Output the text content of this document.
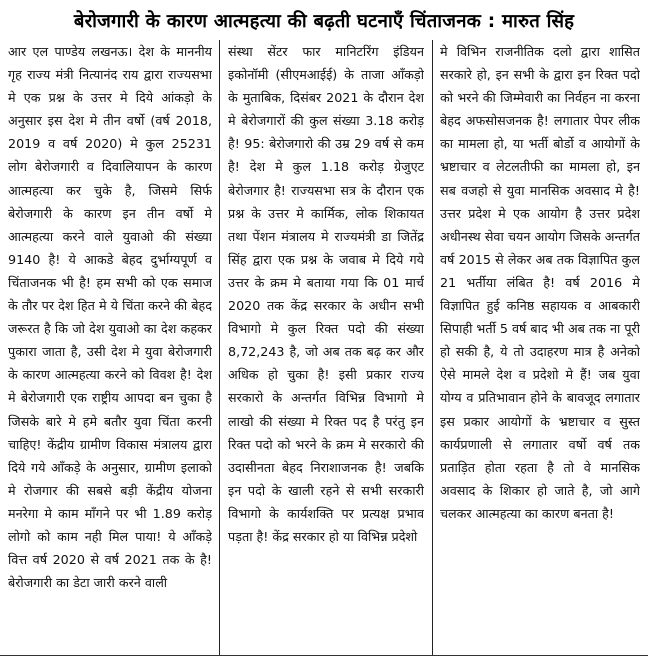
बेरोजगारी के कारण आत्महत्या की बढ़ती घटनाएँ चिंताजनक : मारुत सिंह

आर एल पाण्डेय लखनऊ। देश के माननीय गृह राज्य मंत्री नित्यानंद राय द्वारा राज्यसभा मे एक प्रश्न के उत्तर मे दिये आंकड़ो के अनुसार इस देश मे तीन वर्षो (वर्ष 2018, 2019 व वर्ष 2020) मे कुल 25231 लोग बेरोजगारी व दिवालियापन के कारण आत्महत्या कर चुके है, जिसमे सिर्फ बेरोजगारी के कारण इन तीन वर्षो मे आत्महत्या करने वाले युवाओ की संख्या 9140 है! ये आकडे बेहद दुर्भाग्यपूर्ण व चिंताजनक भी है! हम सभी को एक समाज के तौर पर देश हित मे ये चिंता करने की बेहद जरूरत है कि जो देश युवाओ का देश कहकर पुकारा जाता है, उसी देश मे युवा बेरोजगारी के कारण आत्महत्या करने को विवश है! देश मे बेरोजगारी एक राष्ट्रीय आपदा बन चुका है जिसके बारे मे हमे बतौर युवा चिंता करनी चाहिए! केंद्रीय ग्रामीण विकास मंत्रालय द्वारा दिये गये आँकड़े के अनुसार, ग्रामीण इलाको मे रोजगार की सबसे बड़ी केंद्रीय योजना मनरेगा मे काम माँगने पर भी 1.89 करोड़ लोगो को काम नही मिल पाया! ये आँकड़े वित्त वर्ष 2020 से वर्ष 2021 तक के है! बेरोजगारी का डेटा जारी करने वाली

संस्था सेंटर फार मानिटरिंग इंडियन इकोनॉमी (सीएमआईई) के ताजा आँकड़ो के मुताबिक, दिसंबर 2021 के दौरान देश मे बेरोजगारों की कुल संख्या 3.18 करोड़ है! 95: बेरोजगारो की उम्र 29 वर्ष से कम है! देश मे कुल 1.18 करोड़ ग्रेजुएट बेरोजगार है! राज्यसभा सत्र के दौरान एक प्रश्न के उत्तर मे कार्मिक, लोक शिकायत तथा पेंशन मंत्रालय मे राज्यमंत्री डा जितेंद्र सिंह द्वारा एक प्रश्न के जवाब मे दिये गये उत्तर के क्रम मे बताया गया कि 01 मार्च 2020 तक केंद्र सरकार के अधीन सभी विभागो मे कुल रिक्त पदो की संख्या 8,72,243 है, जो अब तक बढ़ कर और अधिक हो चुका है! इसी प्रकार राज्य सरकारो के अन्तर्गत विभिन्न विभागो मे लाखो की संख्या मे रिक्त पद है परंतु इन रिक्त पदो को भरने के क्रम मे सरकारो की उदासीनता बेहद निराशाजनक है! जबकि इन पदो के खाली रहने से सभी सरकारी विभागो के कार्यशक्ति पर प्रत्यक्ष प्रभाव पड़ता है! केंद्र सरकार हो या विभिन्न प्रदेशो

मे विभिन राजनीतिक दलो द्वारा शासित सरकारे हो, इन सभी के द्वारा इन रिक्त पदो को भरने की जिम्मेवारी का निर्वहन ना करना बेहद अफसोसजनक है! लगातार पेपर लीक का मामला हो, या भर्ती बोर्डो व आयोगों के भ्रष्टाचार व लेटलतीफी का मामला हो, इन सब वजहो से युवा मानसिक अवसाद मे है! उत्तर प्रदेश मे एक आयोग है उत्तर प्रदेश अधीनस्थ सेवा चयन आयोग जिसके अन्तर्गत वर्ष 2015 से लेकर अब तक विज्ञापित कुल 21 भर्तीया लंबित है! वर्ष 2016 मे विज्ञापित हुई कनिष्ठ सहायक व आबकारी सिपाही भर्ती 5 वर्ष बाद भी अब तक ना पूरी हो सकी है, ये तो उदाहरण मात्र है अनेको ऐसे मामले देश व प्रदेशो मे हैं! जब युवा योग्य व प्रतिभावान होने के बावजूद लगातार इस प्रकार आयोगों के भ्रष्टाचार व सुस्त कार्यप्रणाली से लगातार वर्षो वर्ष तक प्रताड़ित होता रहता है तो वे मानसिक अवसाद के शिकार हो जाते है, जो आगे चलकर आत्महत्या का कारण बनता है!
